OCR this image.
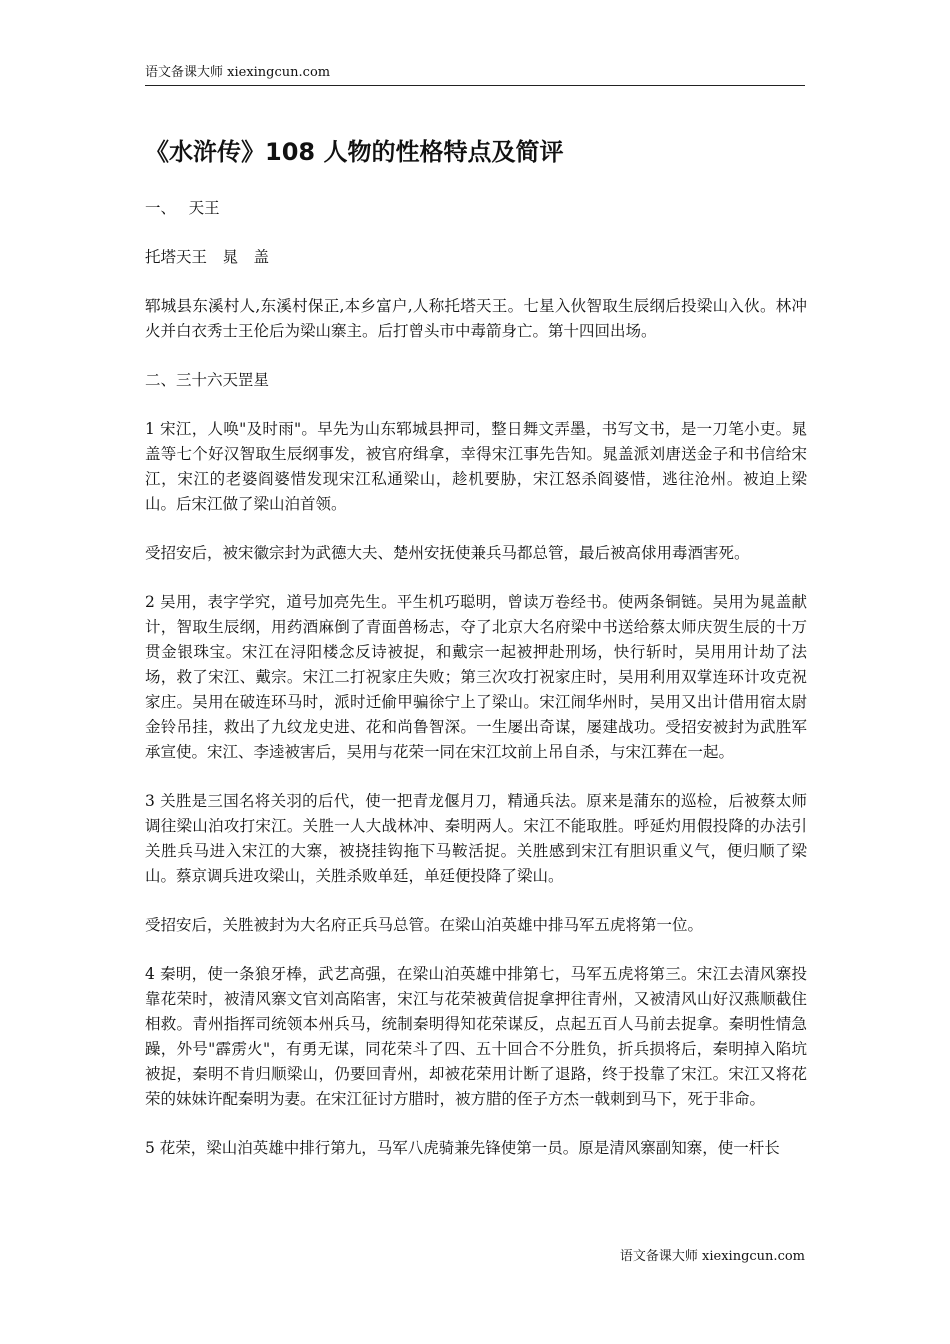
语文备课大师 xiexingcun.com
《水浒传》108 人物的性格特点及简评

一、　 天王

托塔天王　晁　盖

郓城县东溪村人,东溪村保正,本乡富户,人称托塔天王。七星入伙智取生辰纲后投梁山入伙。林冲火并白衣秀士王伦后为梁山寨主。后打曾头市中毒箭身亡。第十四回出场。

二、三十六天罡星

1 宋江，人唤"及时雨"。早先为山东郓城县押司，整日舞文弄墨，书写文书，是一刀笔小吏。晁盖等七个好汉智取生辰纲事发，被官府缉拿，幸得宋江事先告知。晁盖派刘唐送金子和书信给宋江，宋江的老婆阎婆惜发现宋江私通梁山，趁机要胁，宋江怒杀阎婆惜，逃往沧州。被迫上梁山。后宋江做了梁山泊首领。

受招安后，被宋徽宗封为武德大夫、楚州安抚使兼兵马都总管，最后被高俅用毒酒害死。

2 吴用，表字学究，道号加亮先生。平生机巧聪明，曾读万卷经书。使两条铜链。吴用为晁盖献计，智取生辰纲，用药酒麻倒了青面兽杨志，夺了北京大名府梁中书送给蔡太师庆贺生辰的十万贯金银珠宝。宋江在浔阳楼念反诗被捉，和戴宗一起被押赴刑场，快行斩时，吴用用计劫了法场，救了宋江、戴宗。宋江二打祝家庄失败；第三次攻打祝家庄时，吴用利用双掌连环计攻克祝家庄。吴用在破连环马时，派时迁偷甲骗徐宁上了梁山。宋江闹华州时，吴用又出计借用宿太尉金铃吊挂，救出了九纹龙史进、花和尚鲁智深。一生屡出奇谋，屡建战功。受招安被封为武胜军承宣使。宋江、李逵被害后，吴用与花荣一同在宋江坟前上吊自杀，与宋江葬在一起。

3 关胜是三国名将关羽的后代，使一把青龙偃月刀，精通兵法。原来是蒲东的巡检，后被蔡太师调往梁山泊攻打宋江。关胜一人大战林冲、秦明两人。宋江不能取胜。呼延灼用假投降的办法引关胜兵马进入宋江的大寨，被挠挂钩拖下马鞍活捉。关胜感到宋江有胆识重义气，便归顺了梁山。蔡京调兵进攻梁山，关胜杀败单廷，单廷便投降了梁山。

受招安后，关胜被封为大名府正兵马总管。在梁山泊英雄中排马军五虎将第一位。

4 秦明，使一条狼牙棒，武艺高强，在梁山泊英雄中排第七，马军五虎将第三。宋江去清风寨投靠花荣时，被清风寨文官刘高陷害，宋江与花荣被黄信捉拿押往青州，又被清风山好汉燕顺截住相救。青州指挥司统领本州兵马，统制秦明得知花荣谋反，点起五百人马前去捉拿。秦明性情急躁，外号"霹雳火"，有勇无谋，同花荣斗了四、五十回合不分胜负，折兵损将后，秦明掉入陷坑被捉，秦明不肯归顺梁山，仍要回青州，却被花荣用计断了退路，终于投靠了宋江。宋江又将花荣的妹妹许配秦明为妻。在宋江征讨方腊时，被方腊的侄子方杰一戟刺到马下，死于非命。

5 花荣，梁山泊英雄中排行第九，马军八虎骑兼先锋使第一员。原是清风寨副知寨，使一杆长

语文备课大师 xiexingcun.com
